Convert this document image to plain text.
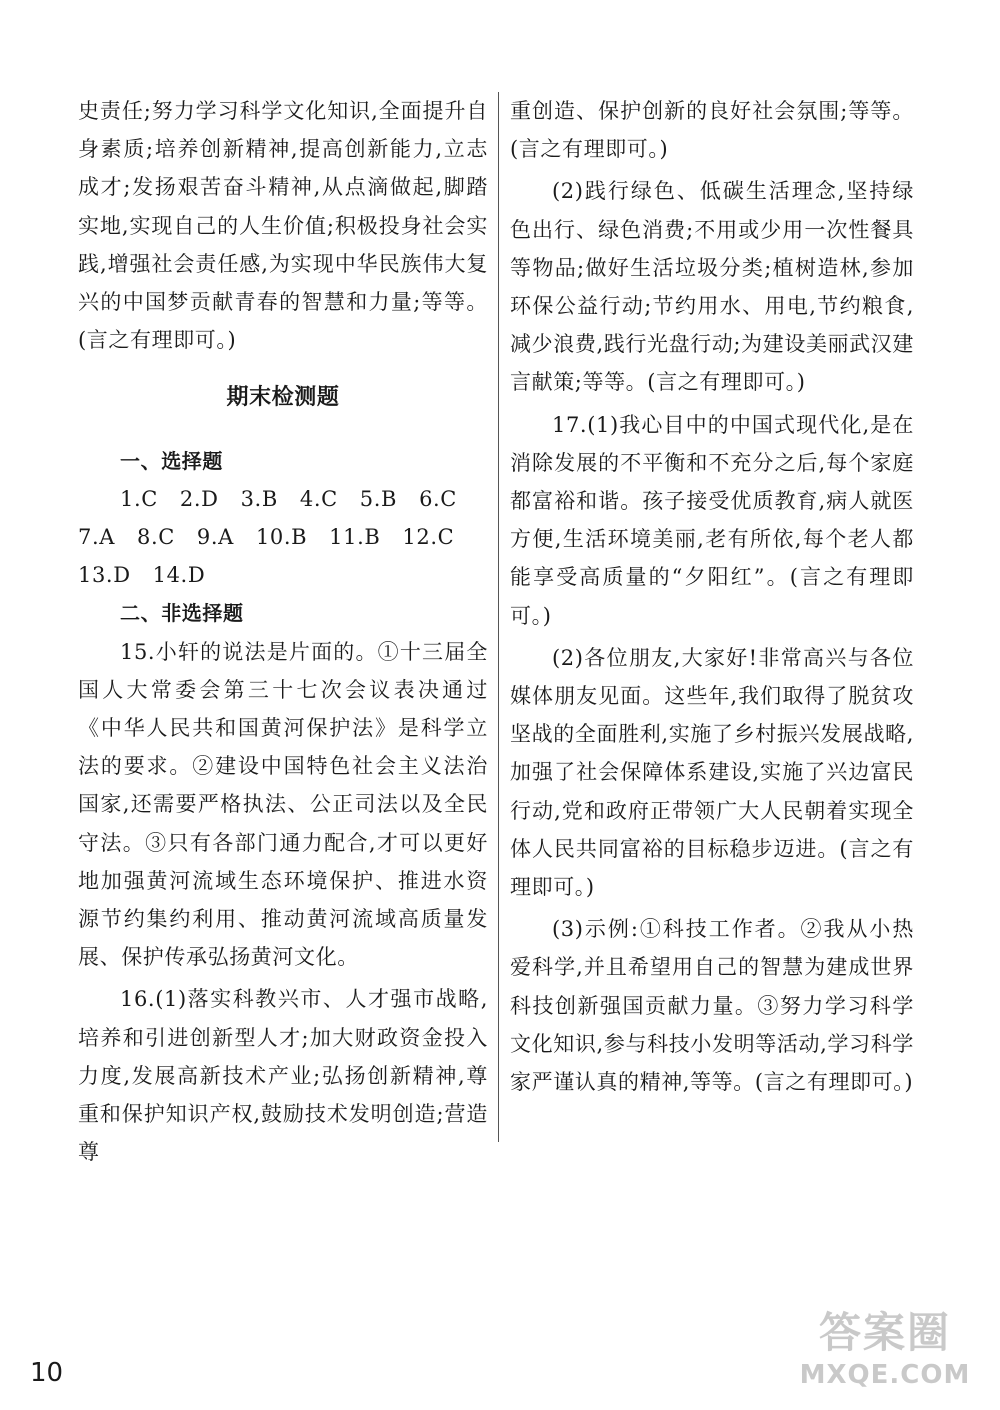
史责任;努力学习科学文化知识,全面提升自身素质;培养创新精神,提高创新能力,立志成才;发扬艰苦奋斗精神,从点滴做起,脚踏实地,实现自己的人生价值;积极投身社会实践,增强社会责任感,为实现中华民族伟大复兴的中国梦贡献青春的智慧和力量;等等。(言之有理即可。)

期末检测题

一、选择题

1.C 2.D 3.B 4.C 5.B 6.C

7.A 8.C 9.A 10.B 11.B 12.C

13.D 14.D

二、非选择题

15.小轩的说法是片面的。①十三届全国人大常委会第三十七次会议表决通过《中华人民共和国黄河保护法》是科学立法的要求。②建设中国特色社会主义法治国家,还需要严格执法、公正司法以及全民守法。③只有各部门通力配合,才可以更好地加强黄河流域生态环境保护、推进水资源节约集约利用、推动黄河流域高质量发展、保护传承弘扬黄河文化。

16.(1)落实科教兴市、人才强市战略,培养和引进创新型人才;加大财政资金投入力度,发展高新技术产业;弘扬创新精神,尊重和保护知识产权,鼓励技术发明创造;营造尊

重创造、保护创新的良好社会氛围;等等。(言之有理即可。)

(2)践行绿色、低碳生活理念,坚持绿色出行、绿色消费;不用或少用一次性餐具等物品;做好生活垃圾分类;植树造林,参加环保公益行动;节约用水、用电,节约粮食,减少浪费,践行光盘行动;为建设美丽武汉建言献策;等等。(言之有理即可。)

17.(1)我心目中的中国式现代化,是在消除发展的不平衡和不充分之后,每个家庭都富裕和谐。孩子接受优质教育,病人就医方便,生活环境美丽,老有所依,每个老人都能享受高质量的“夕阳红”。(言之有理即可。)

(2)各位朋友,大家好!非常高兴与各位媒体朋友见面。这些年,我们取得了脱贫攻坚战的全面胜利,实施了乡村振兴发展战略,加强了社会保障体系建设,实施了兴边富民行动,党和政府正带领广大人民朝着实现全体人民共同富裕的目标稳步迈进。(言之有理即可。)

(3)示例:①科技工作者。②我从小热爱科学,并且希望用自己的智慧为建成世界科技创新强国贡献力量。③努力学习科学文化知识,参与科技小发明等活动,学习科学家严谨认真的精神,等等。(言之有理即可。)

10
答案圈
MXQE.COM
